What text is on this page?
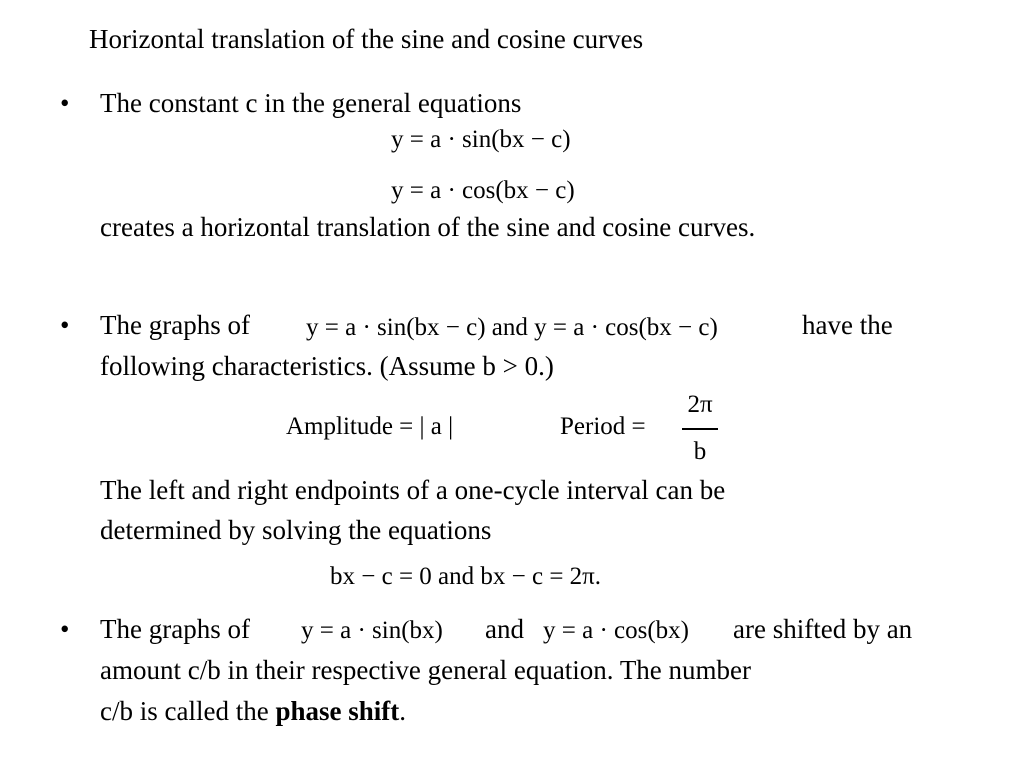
Horizontal translation of the sine and cosine curves
• The constant c in the general equations
y = a · sin(bx − c)
y = a · cos(bx − c)
creates a horizontal translation of the sine and cosine curves.
• The graphs of y = a · sin(bx − c) and y = a · cos(bx − c)	have the
following characteristics. (Assume b > 0.)
Amplitude = | a |	Period =
2π
b
The left and right endpoints of a one-cycle interval can be
determined by solving the equations
bx − c = 0 and bx − c = 2π.
• The graphs of y = a · sin(bx) and y = a · cos(bx) are shifted by an
amount c/b in their respective general equation. The number
c/b is called the phase shift.
